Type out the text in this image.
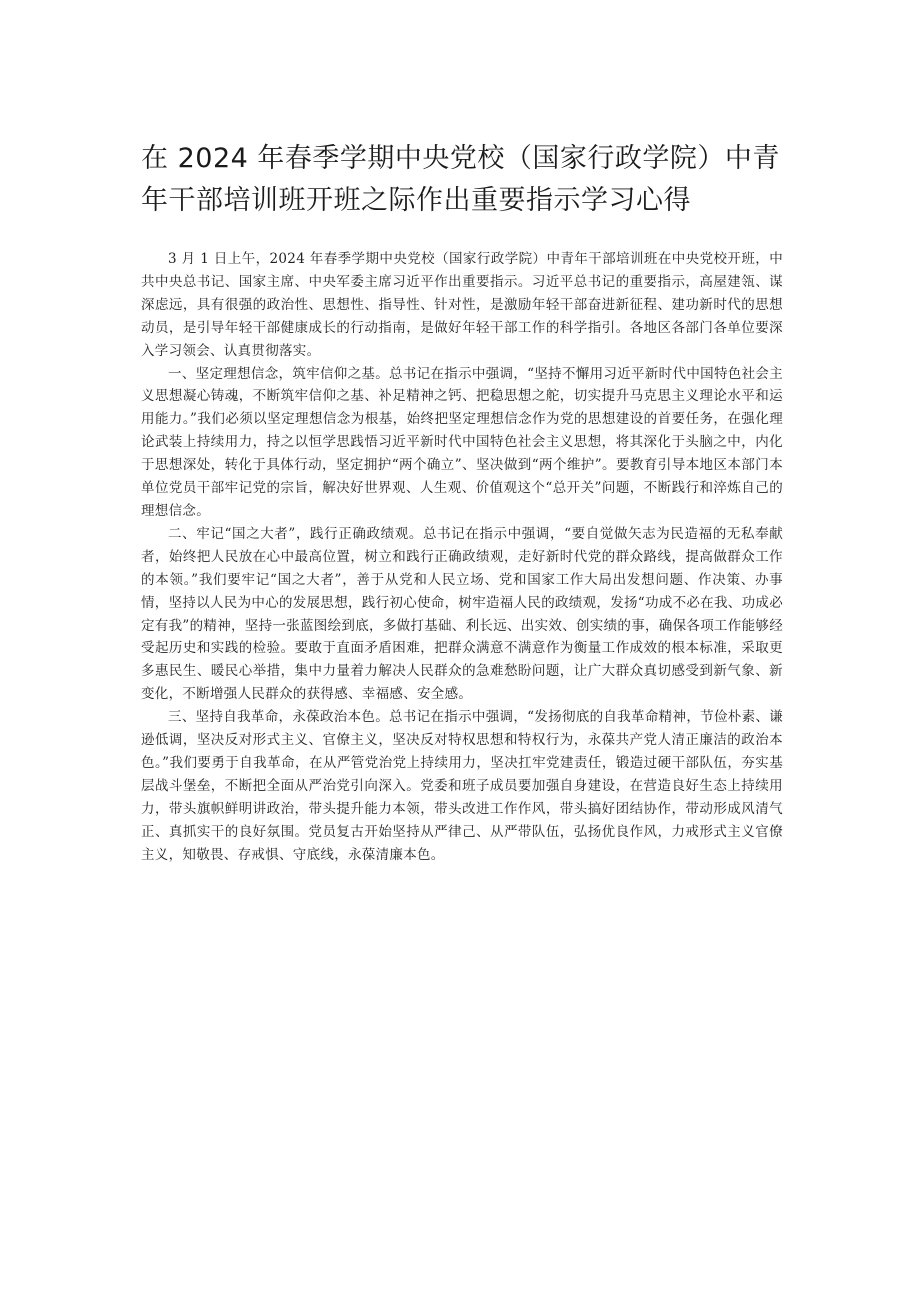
在 2024 年春季学期中央党校（国家行政学院）中青年干部培训班开班之际作出重要指示学习心得

3 月 1 日上午，2024 年春季学期中央党校（国家行政学院）中青年干部培训班在中央党校开班，中共中央总书记、国家主席、中央军委主席习近平作出重要指示。习近平总书记的重要指示，高屋建瓴、谋深虑远，具有很强的政治性、思想性、指导性、针对性，是激励年轻干部奋进新征程、建功新时代的思想动员，是引导年轻干部健康成长的行动指南，是做好年轻干部工作的科学指引。各地区各部门各单位要深入学习领会、认真贯彻落实。

一、坚定理想信念，筑牢信仰之基。总书记在指示中强调，“坚持不懈用习近平新时代中国特色社会主义思想凝心铸魂，不断筑牢信仰之基、补足精神之钙、把稳思想之舵，切实提升马克思主义理论水平和运用能力。”我们必须以坚定理想信念为根基，始终把坚定理想信念作为党的思想建设的首要任务，在强化理论武装上持续用力，持之以恒学思践悟习近平新时代中国特色社会主义思想，将其深化于头脑之中，内化于思想深处，转化于具体行动，坚定拥护“两个确立”、坚决做到“两个维护”。要教育引导本地区本部门本单位党员干部牢记党的宗旨，解决好世界观、人生观、价值观这个“总开关”问题，不断践行和淬炼自己的理想信念。

二、牢记“国之大者”，践行正确政绩观。总书记在指示中强调，“要自觉做矢志为民造福的无私奉献者，始终把人民放在心中最高位置，树立和践行正确政绩观，走好新时代党的群众路线，提高做群众工作的本领。”我们要牢记“国之大者”，善于从党和人民立场、党和国家工作大局出发想问题、作决策、办事情，坚持以人民为中心的发展思想，践行初心使命，树牢造福人民的政绩观，发扬“功成不必在我、功成必定有我”的精神，坚持一张蓝图绘到底，多做打基础、利长远、出实效、创实绩的事，确保各项工作能够经受起历史和实践的检验。要敢于直面矛盾困难，把群众满意不满意作为衡量工作成效的根本标准，采取更多惠民生、暖民心举措，集中力量着力解决人民群众的急难愁盼问题，让广大群众真切感受到新气象、新变化，不断增强人民群众的获得感、幸福感、安全感。

三、坚持自我革命，永葆政治本色。总书记在指示中强调，“发扬彻底的自我革命精神，节俭朴素、谦逊低调，坚决反对形式主义、官僚主义，坚决反对特权思想和特权行为，永葆共产党人清正廉洁的政治本色。”我们要勇于自我革命，在从严管党治党上持续用力，坚决扛牢党建责任，锻造过硬干部队伍，夯实基层战斗堡垒，不断把全面从严治党引向深入。党委和班子成员要加强自身建设，在营造良好生态上持续用力，带头旗帜鲜明讲政治，带头提升能力本领，带头改进工作作风，带头搞好团结协作，带动形成风清气正、真抓实干的良好氛围。党员复古开始坚持从严律己、从严带队伍，弘扬优良作风，力戒形式主义官僚主义，知敬畏、存戒惧、守底线，永葆清廉本色。
